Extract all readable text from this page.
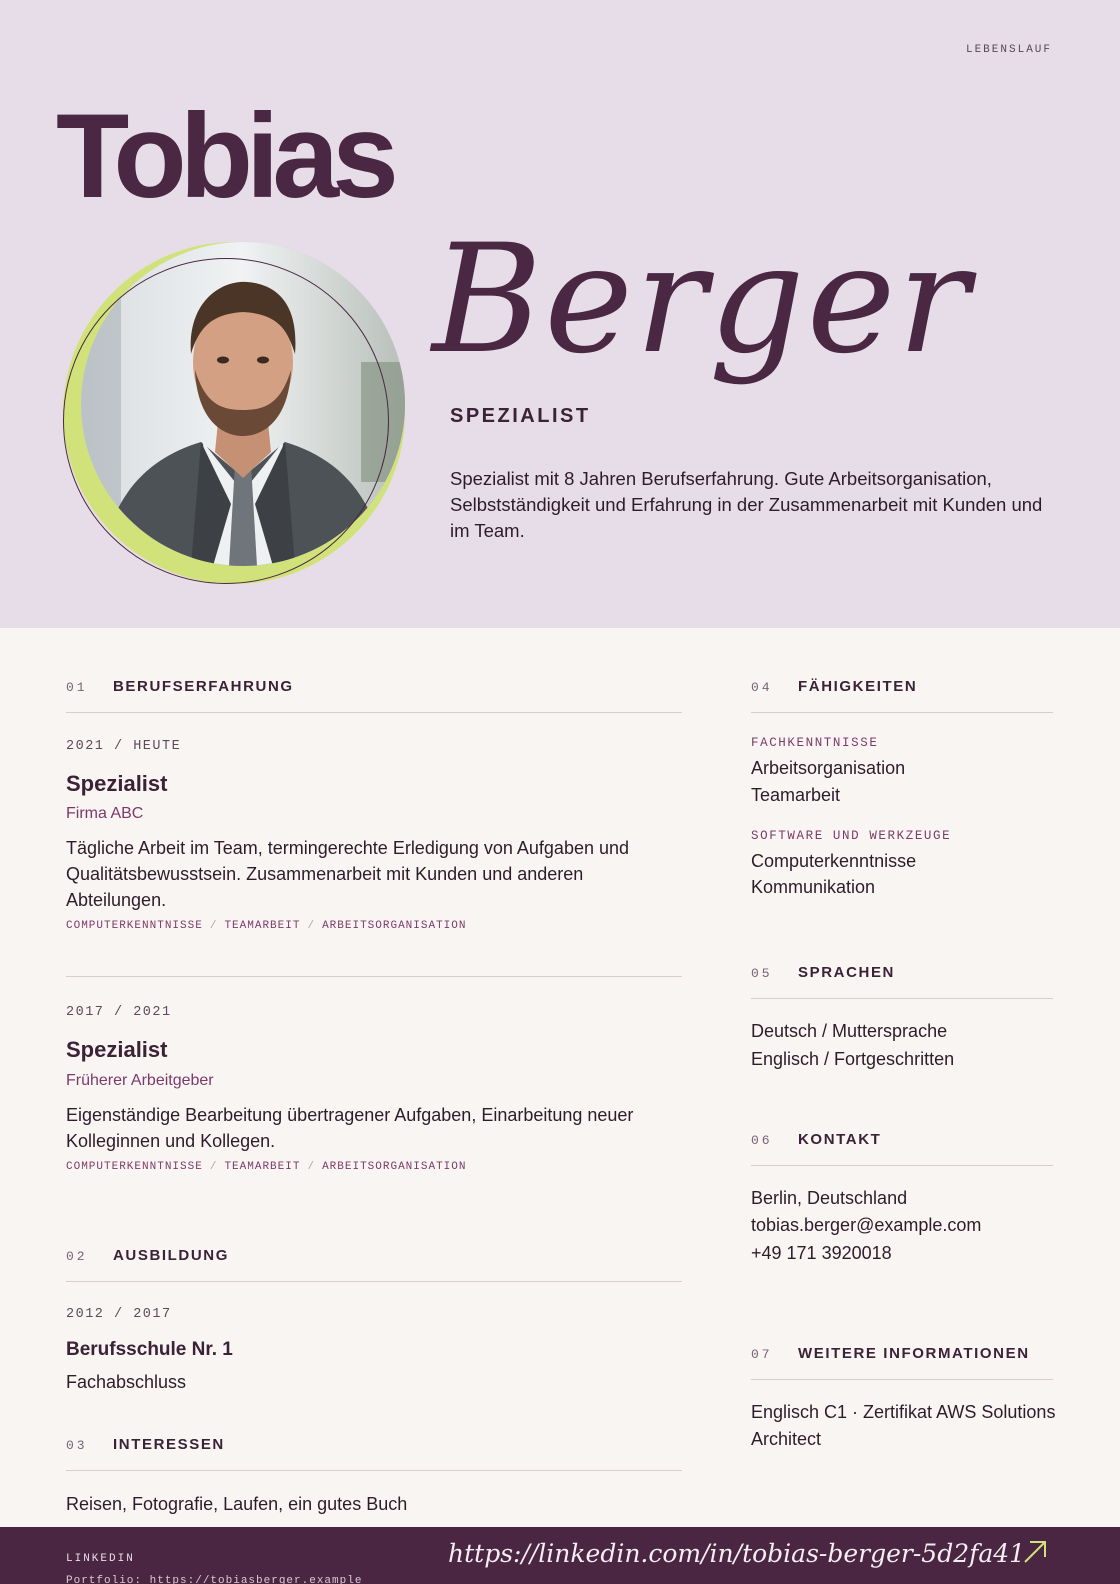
LEBENSLAUF
Tobias
Berger
SPEZIALIST

Spezialist mit 8 Jahren Berufserfahrung. Gute Arbeitsorganisation, Selbstständigkeit und Erfahrung in der Zusammenarbeit mit Kunden und im Team.

01	BERUFSERFAHRUNG
2021 / HEUTE
Spezialist
Firma ABC

Tägliche Arbeit im Team, termingerechte Erledigung von Aufgaben und Qualitätsbewusstsein. Zusammenarbeit mit Kunden und anderen Abteilungen.

COMPUTERKENNTNISSE / TEAMARBEIT / ARBEITSORGANISATION
2017 / 2021
Spezialist
Früherer Arbeitgeber

Eigenständige Bearbeitung übertragener Aufgaben, Einarbeitung neuer Kolleginnen und Kollegen.

COMPUTERKENNTNISSE / TEAMARBEIT / ARBEITSORGANISATION
02	AUSBILDUNG
2012 / 2017
Berufsschule Nr. 1
Fachabschluss
03	INTERESSEN
Reisen, Fotografie, Laufen, ein gutes Buch
04	FÄHIGKEITEN
FACHKENNTNISSE
Arbeitsorganisation
Teamarbeit
SOFTWARE UND WERKZEUGE
Computerkenntnisse
Kommunikation
05	SPRACHEN
Deutsch / Muttersprache
Englisch / Fortgeschritten
06	KONTAKT
Berlin, Deutschland
tobias.berger@example.com
+49 171 3920018
07	WEITERE INFORMATIONEN
Englisch C1 · Zertifikat AWS Solutions Architect
LINKEDIN
Portfolio: https://tobiasberger.example
https://linkedin.com/in/tobias-berger-5d2fa41
